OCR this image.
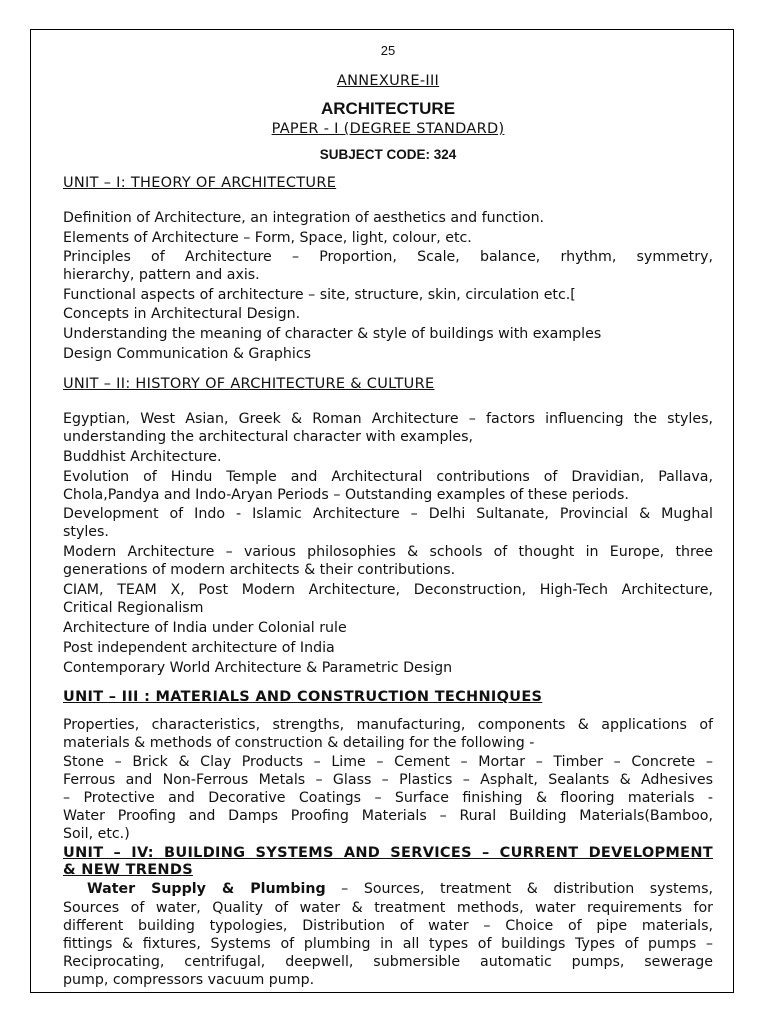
25
ANNEXURE-III
ARCHITECTURE
PAPER - I (DEGREE STANDARD)
SUBJECT CODE: 324
UNIT – I: THEORY OF ARCHITECTURE
Definition of Architecture, an integration of aesthetics and function.
Elements of Architecture – Form, Space, light, colour, etc.
Principles of Architecture – Proportion, Scale, balance, rhythm, symmetry,
hierarchy, pattern and axis.
Functional aspects of architecture – site, structure, skin, circulation etc.[
Concepts in Architectural Design.
Understanding the meaning of character & style of buildings with examples
Design Communication & Graphics
UNIT – II: HISTORY OF ARCHITECTURE & CULTURE
Egyptian, West Asian, Greek & Roman Architecture – factors influencing the styles,
understanding the architectural character with examples,
Buddhist Architecture.
Evolution of Hindu Temple and Architectural contributions of Dravidian, Pallava,
Chola,Pandya and Indo-Aryan Periods – Outstanding examples of these periods.
Development of Indo - Islamic Architecture – Delhi Sultanate, Provincial & Mughal
styles.
Modern Architecture – various philosophies & schools of thought in Europe, three
generations of modern architects & their contributions.
CIAM, TEAM X, Post Modern Architecture, Deconstruction, High-Tech Architecture,
Critical Regionalism
Architecture of India under Colonial rule
Post independent architecture of India
Contemporary World Architecture & Parametric Design
UNIT – III : MATERIALS AND CONSTRUCTION TECHNIQUES
Properties, characteristics, strengths, manufacturing, components & applications of
materials & methods of construction & detailing for the following -
Stone – Brick & Clay Products – Lime – Cement – Mortar – Timber – Concrete –
Ferrous and Non-Ferrous Metals – Glass – Plastics – Asphalt, Sealants & Adhesives
– Protective and Decorative Coatings – Surface finishing & flooring materials -
Water Proofing and Damps Proofing Materials – Rural Building Materials(Bamboo,
Soil, etc.)
UNIT – IV: BUILDING SYSTEMS AND SERVICES – CURRENT DEVELOPMENT
& NEW TRENDS
Water Supply & Plumbing – Sources, treatment & distribution systems,
Sources of water, Quality of water & treatment methods, water requirements for
different building typologies, Distribution of water – Choice of pipe materials,
fittings & fixtures, Systems of plumbing in all types of buildings Types of pumps –
Reciprocating, centrifugal, deepwell, submersible automatic pumps, sewerage
pump, compressors vacuum pump.
